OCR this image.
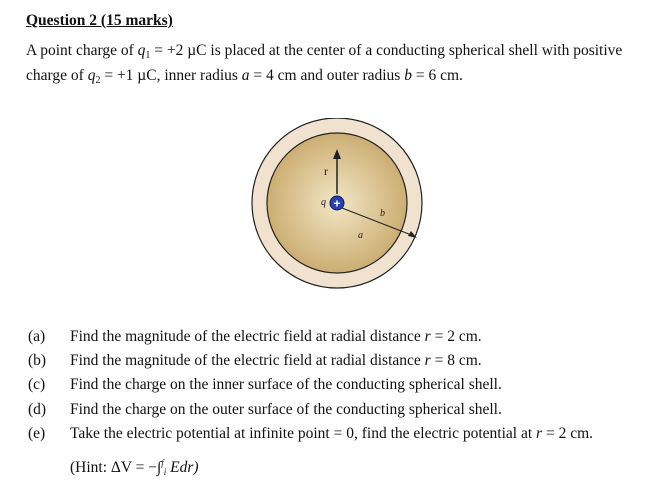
Question 2 (15 marks)
A point charge of $q_1 = +2$ µC is placed at the center of a conducting spherical shell with positive
charge of $q_2 = +1$ µC, inner radius a = 4 cm and outer radius b = 6 cm.
r
b
a
q +
(a) Find the magnitude of the electric field at radial distance r = 2 cm.
(b) Find the magnitude of the electric field at radial distance r = 8 cm.
(c) Find the charge on the inner surface of the conducting spherical shell.
(d) Find the charge on the outer surface of the conducting spherical shell.
(e) Take the electric potential at infinite point = 0, find the electric potential at r = 2 cm.
(Hint: ΔV = −∫$^f_i$ Edr)
